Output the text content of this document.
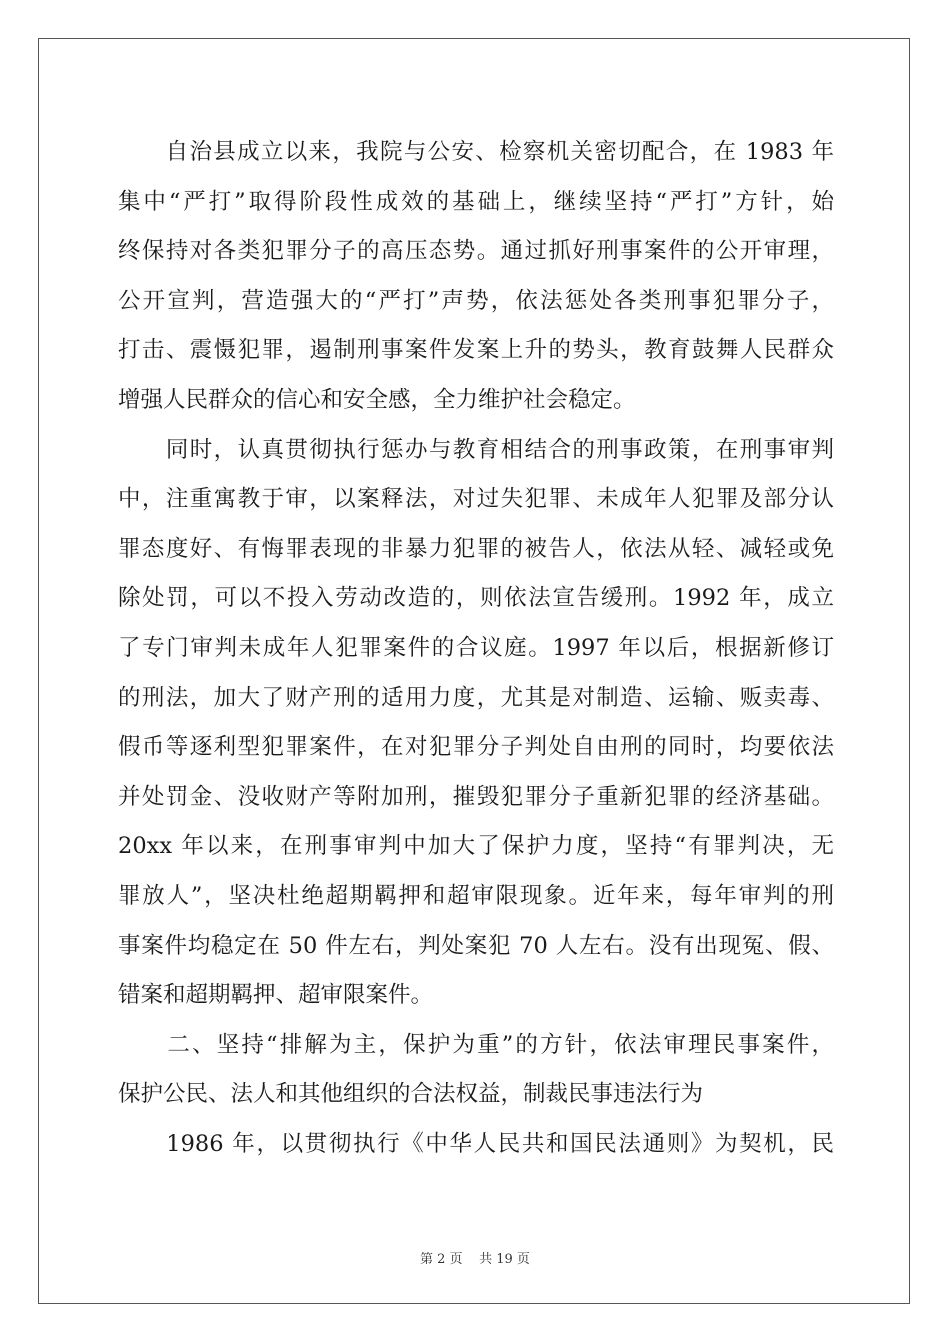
　　自治县成立以来，我院与公安、检察机关密切配合，在 1983 年
集中“严打”取得阶段性成效的基础上，继续坚持“严打”方针，始
终保持对各类犯罪分子的高压态势。通过抓好刑事案件的公开审理，
公开宣判，营造强大的“严打”声势，依法惩处各类刑事犯罪分子，
打击、震慑犯罪，遏制刑事案件发案上升的势头，教育鼓舞人民群众
增强人民群众的信心和安全感，全力维护社会稳定。
　　同时，认真贯彻执行惩办与教育相结合的刑事政策，在刑事审判
中，注重寓教于审，以案释法，对过失犯罪、未成年人犯罪及部分认
罪态度好、有悔罪表现的非暴力犯罪的被告人，依法从轻、减轻或免
除处罚，可以不投入劳动改造的，则依法宣告缓刑。1992 年，成立
了专门审判未成年人犯罪案件的合议庭。1997 年以后，根据新修订
的刑法，加大了财产刑的适用力度，尤其是对制造、运输、贩卖毒、
假币等逐利型犯罪案件，在对犯罪分子判处自由刑的同时，均要依法
并处罚金、没收财产等附加刑，摧毁犯罪分子重新犯罪的经济基础。
20xx 年以来，在刑事审判中加大了保护力度，坚持“有罪判决，无
罪放人”，坚决杜绝超期羁押和超审限现象。近年来，每年审判的刑
事案件均稳定在 50 件左右，判处案犯 70 人左右。没有出现冤、假、
错案和超期羁押、超审限案件。
　　二、坚持“排解为主，保护为重”的方针，依法审理民事案件，
保护公民、法人和其他组织的合法权益，制裁民事违法行为
　　1986 年，以贯彻执行《中华人民共和国民法通则》为契机，民
第 2 页 共 19 页
